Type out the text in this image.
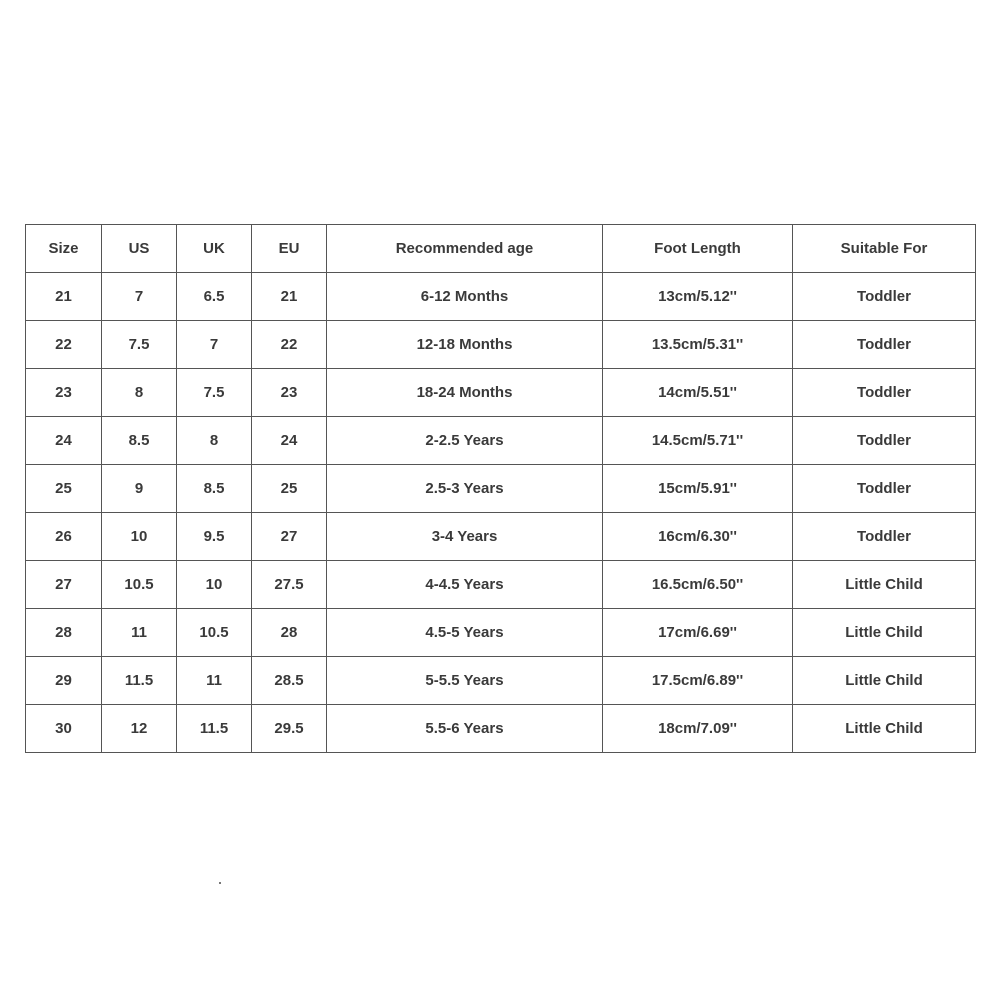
Size	US	UK	EU	Recommended age	Foot Length	Suitable For
21	7	6.5	21	6-12 Months	13cm/5.12''	Toddler
22	7.5	7	22	12-18 Months	13.5cm/5.31''	Toddler
23	8	7.5	23	18-24 Months	14cm/5.51''	Toddler
24	8.5	8	24	2-2.5 Years	14.5cm/5.71''	Toddler
25	9	8.5	25	2.5-3 Years	15cm/5.91''	Toddler
26	10	9.5	27	3-4 Years	16cm/6.30''	Toddler
27	10.5	10	27.5	4-4.5 Years	16.5cm/6.50''	Little Child
28	11	10.5	28	4.5-5 Years	17cm/6.69''	Little Child
29	11.5	11	28.5	5-5.5 Years	17.5cm/6.89''	Little Child
30	12	11.5	29.5	5.5-6 Years	18cm/7.09''	Little Child
